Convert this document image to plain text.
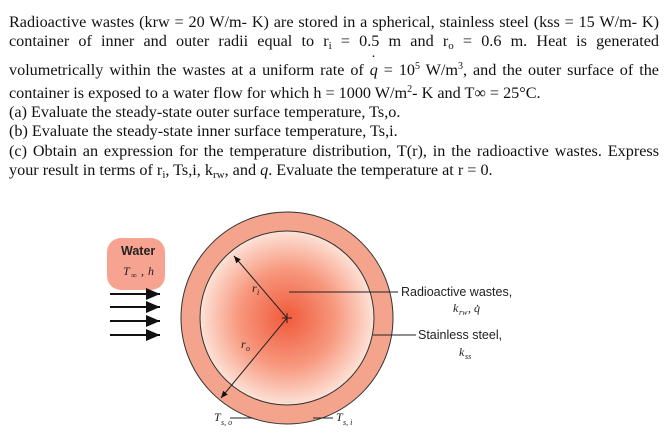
Radioactive wastes (krw = 20 W/m- K) are stored in a spherical, stainless steel (kss = 15 W/m- K) container of inner and outer radii equal to $r_i = 0.5$ m and $r_o = 0.6$ m. Heat is generated volumetrically within the wastes at a uniform rate of q ˙ = $10^5$ $W/m^3$, and the outer surface of the container is exposed to a water flow for which h = 1000 $W/m^2-$ K and T∞ = 25°C.

(a) Evaluate the steady-state outer surface temperature, Ts,o.

(b) Evaluate the steady-state inner surface temperature, Ts,i.

(c) Obtain an expression for the temperature distribution, T(r), in the radioactive wastes. Express your result in terms of $r_i$, Ts,i, $k_{rw}$, and q ˙. Evaluate the temperature at r = 0.

Water
T ∞ , h
r i
r o
Radioactive wastes,
k rw , q̇
Stainless steel,
k ss
T s, o	T s, i
